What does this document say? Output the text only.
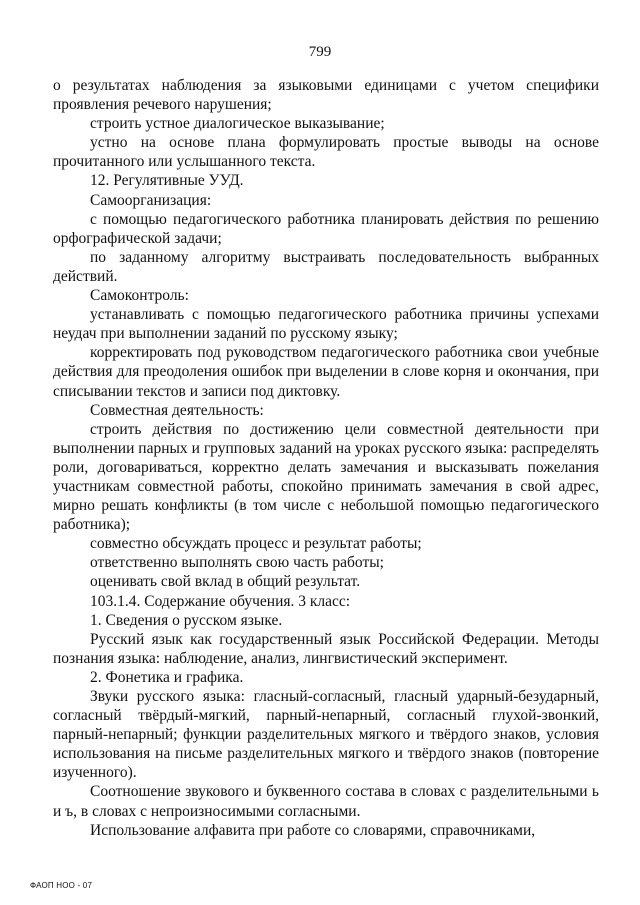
799

о результатах наблюдения за языковыми единицами с учетом специфики проявления речевого нарушения;

строить устное диалогическое выказывание;

устно на основе плана формулировать простые выводы на основе прочитанного или услышанного текста.

12. Регулятивные УУД.

Самоорганизация:

с помощью педагогического работника планировать действия по решению орфографической задачи;

по заданному алгоритму выстраивать последовательность выбранных действий.

Самоконтроль:

устанавливать с помощью педагогического работника причины успехами неудач при выполнении заданий по русскому языку;

корректировать под руководством педагогического работника свои учебные действия для преодоления ошибок при выделении в слове корня и окончания, при списывании текстов и записи под диктовку.

Совместная деятельность:

строить действия по достижению цели совместной деятельности при выполнении парных и групповых заданий на уроках русского языка: распределять роли, договариваться, корректно делать замечания и высказывать пожелания участникам совместной работы, спокойно принимать замечания в свой адрес, мирно решать конфликты (в том числе с небольшой помощью педагогического работника);

совместно обсуждать процесс и результат работы;

ответственно выполнять свою часть работы;

оценивать свой вклад в общий результат.

103.1.4. Содержание обучения. 3 класс:

1. Сведения о русском языке.

Русский язык как государственный язык Российской Федерации. Методы познания языка: наблюдение, анализ, лингвистический эксперимент.

2. Фонетика и графика.

Звуки русского языка: гласный-согласный, гласный ударный-безударный, согласный твёрдый-мягкий, парный-непарный, согласный глухой-звонкий, парный-непарный; функции разделительных мягкого и твёрдого знаков, условия использования на письме разделительных мягкого и твёрдого знаков (повторение изученного).

Соотношение звукового и буквенного состава в словах с разделительными ь и ъ, в словах с непроизносимыми согласными.

Использование алфавита при работе со словарями, справочниками,

ФАОП НОО - 07
